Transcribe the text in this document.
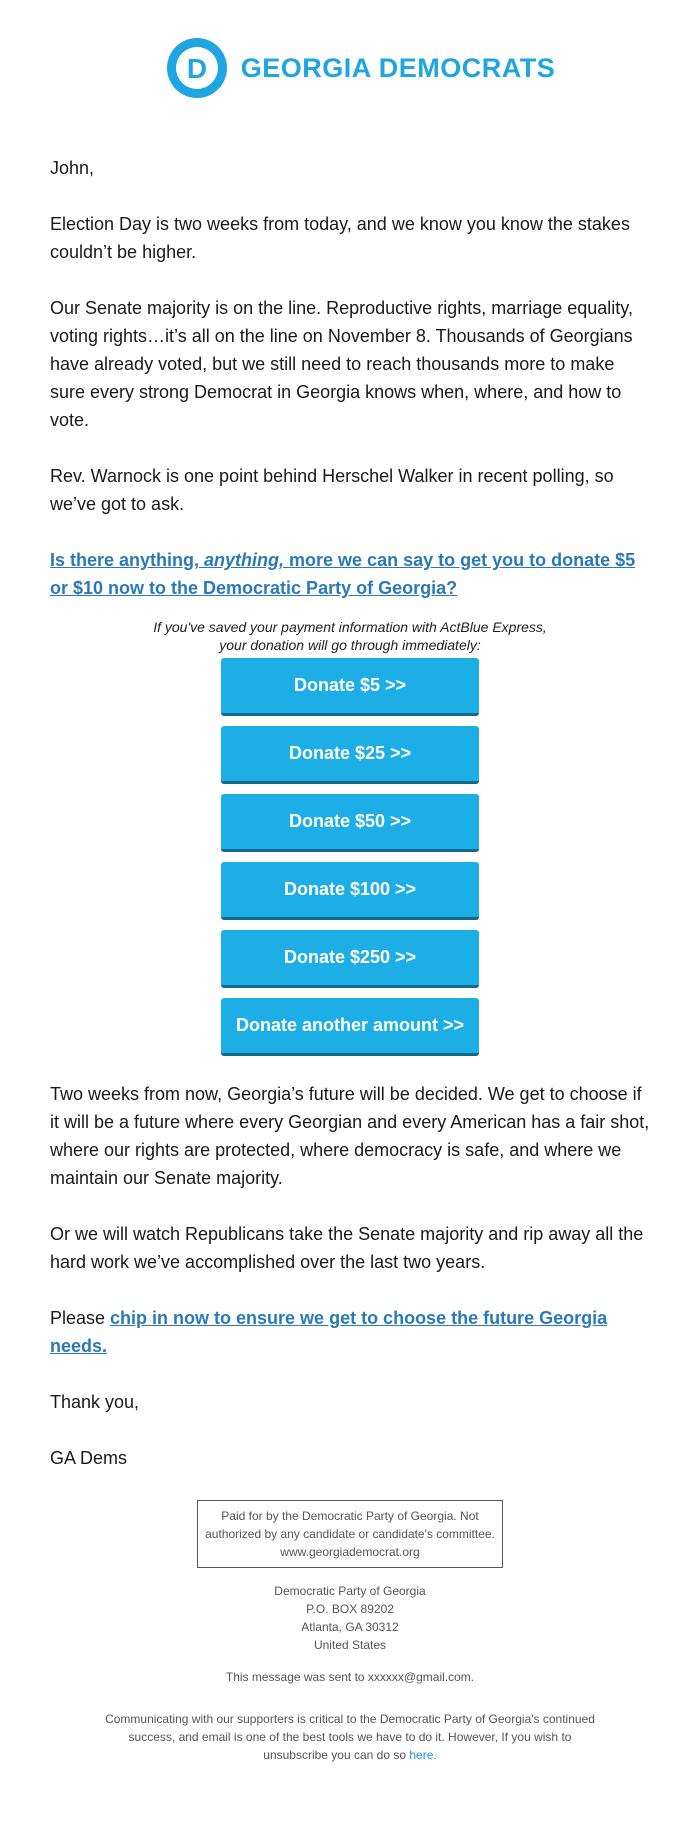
D GEORGIA DEMOCRATS

John,

Election Day is two weeks from today, and we know you know the stakes couldn’t be higher.

Our Senate majority is on the line. Reproductive rights, marriage equality, voting rights…it’s all on the line on November 8. Thousands of Georgians have already voted, but we still need to reach thousands more to make sure every strong Democrat in Georgia knows when, where, and how to vote.

Rev. Warnock is one point behind Herschel Walker in recent polling, so we’ve got to ask.

Is there anything, anything, more we can say to get you to donate $5 or $10 now to the Democratic Party of Georgia?

If you've saved your payment information with ActBlue Express,
your donation will go through immediately:
Donate $5 >>
Donate $25 >>
Donate $50 >>
Donate $100 >>
Donate $250 >>
Donate another amount >>

Two weeks from now, Georgia’s future will be decided. We get to choose if it will be a future where every Georgian and every American has a fair shot, where our rights are protected, where democracy is safe, and where we maintain our Senate majority.

Or we will watch Republicans take the Senate majority and rip away all the hard work we’ve accomplished over the last two years.

Please chip in now to ensure we get to choose the future Georgia needs.

Thank you,

GA Dems

Paid for by the Democratic Party of Georgia. Not
authorized by any candidate or candidate's committee.
www.georgiademocrat.org
Democratic Party of Georgia
P.O. BOX 89202
Atlanta, GA 30312
United States
This message was sent to xxxxxx@gmail.com.
Communicating with our supporters is critical to the Democratic Party of Georgia's continued success, and email is one of the best tools we have to do it. However, If you wish to unsubscribe you can do so here.
